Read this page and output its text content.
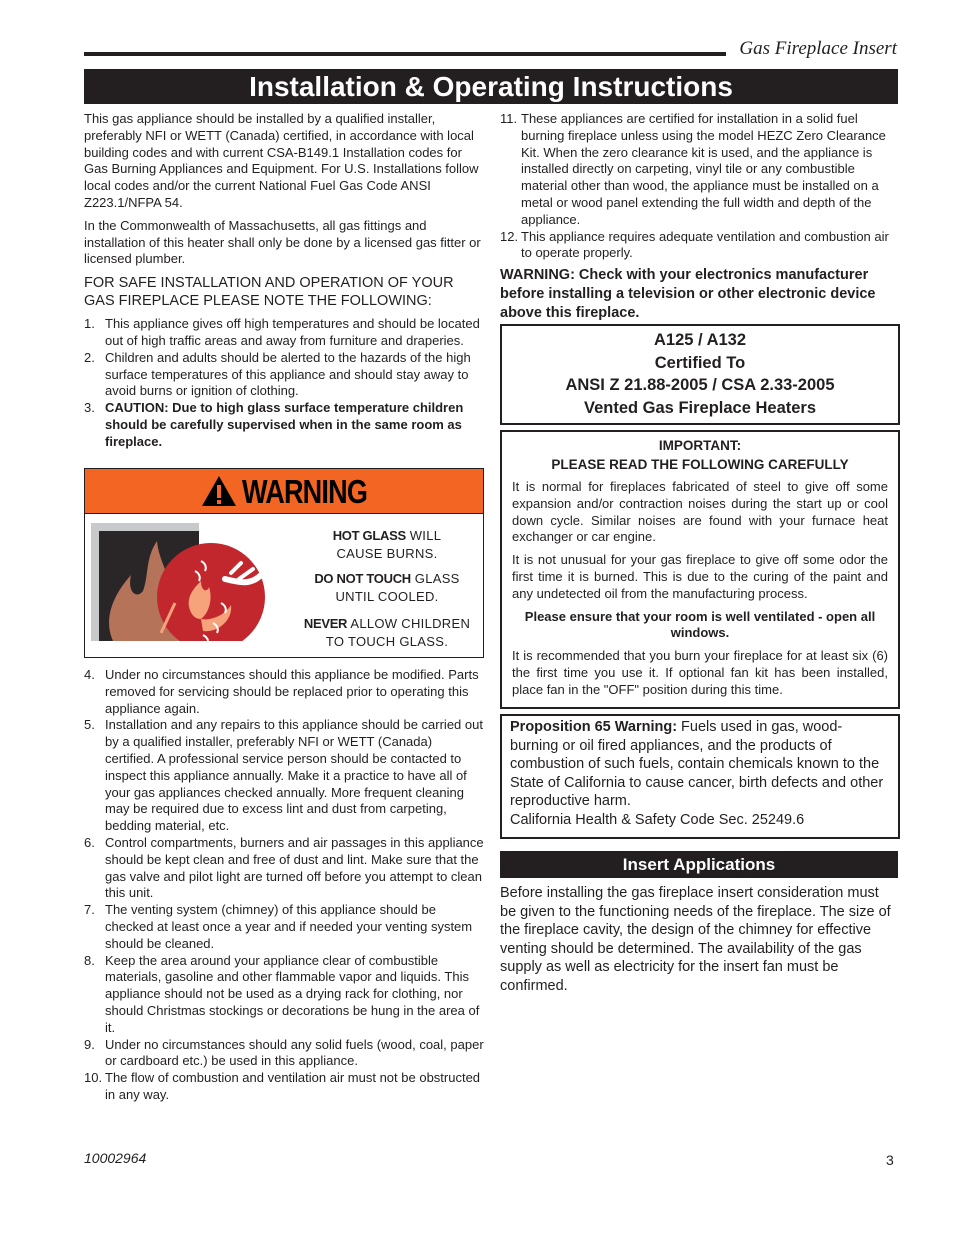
Gas Fireplace Insert
Installation & Operating Instructions

This gas appliance should be installed by a qualified installer, preferably NFI or WETT (Canada) certified, in accordance with local building codes and with current CSA-B149.1 Installation codes for Gas Burning Appliances and Equipment. For U.S. Installations follow local codes and/or the current National Fuel Gas Code ANSI Z223.1/NFPA 54.

In the Commonwealth of Massachusetts, all gas fittings and installation of this heater shall only be done by a licensed gas fitter or licensed plumber.

FOR SAFE INSTALLATION AND OPERATION OF YOUR GAS FIREPLACE PLEASE NOTE THE FOLLOWING:

1. This appliance gives off high temperatures and should be located out of high traffic areas and away from furniture and draperies.
2. Children and adults should be alerted to the hazards of the high surface temperatures of this appliance and should stay away to avoid burns or ignition of clothing.
3. CAUTION: Due to high glass surface temperature children should be carefully supervised when in the same room as fireplace.
WARNING
HOT GLASS WILL
CAUSE BURNS.
DO NOT TOUCH GLASS
UNTIL COOLED.
NEVER ALLOW CHILDREN
TO TOUCH GLASS.
4. Under no circumstances should this appliance be modified. Parts removed for servicing should be replaced prior to operating this appliance again.
5. Installation and any repairs to this appliance should be carried out by a qualified installer, preferably NFI or WETT (Canada) certified. A professional service person should be contacted to inspect this appliance annually. Make it a practice to have all of your gas appliances checked annually. More frequent cleaning may be required due to excess lint and dust from carpeting, bedding material, etc.
6. Control compartments, burners and air passages in this appliance should be kept clean and free of dust and lint. Make sure that the gas valve and pilot light are turned off before you attempt to clean this unit.
7. The venting system (chimney) of this appliance should be checked at least once a year and if needed your venting system should be cleaned.
8. Keep the area around your appliance clear of combustible materials, gasoline and other flammable vapor and liquids. This appliance should not be used as a drying rack for clothing, nor should Christmas stockings or decorations be hung in the area of it.
9. Under no circumstances should any solid fuels (wood, coal, paper or cardboard etc.) be used in this appliance.
10. The flow of combustion and ventilation air must not be obstructed in any way.
11. These appliances are certified for installation in a solid fuel burning fireplace unless using the model HEZC Zero Clearance Kit. When the zero clearance kit is used, and the appliance is installed directly on carpeting, vinyl tile or any combustible material other than wood, the appliance must be installed on a metal or wood panel extending the full width and depth of the appliance.
12. This appliance requires adequate ventilation and combustion air to operate properly.

WARNING: Check with your electronics manufacturer before installing a television or other electronic device above this fireplace.

A125 / A132
Certified To
ANSI Z 21.88-2005 / CSA 2.33-2005
Vented Gas Fireplace Heaters
IMPORTANT:
PLEASE READ THE FOLLOWING CAREFULLY

It is normal for fireplaces fabricated of steel to give off some expansion and/or contraction noises during the start up or cool down cycle. Similar noises are found with your furnace heat exchanger or car engine.

It is not unusual for your gas fireplace to give off some odor the first time it is burned. This is due to the curing of the paint and any undetected oil from the manufacturing process.

Please ensure that your room is well ventilated - open all windows.

It is recommended that you burn your fireplace for at least six (6) the first time you use it. If optional fan kit has been installed, place fan in the "OFF" position during this time.

Proposition 65 Warning: Fuels used in gas, wood-burning or oil fired appliances, and the products of combustion of such fuels, contain chemicals known to the State of California to cause cancer, birth defects and other reproductive harm.
California Health & Safety Code Sec. 25249.6
Insert Applications
Before installing the gas fireplace insert consideration must be given to the functioning needs of the fireplace. The size of the fireplace cavity, the design of the chimney for effective venting should be determined. The availability of the gas supply as well as electricity for the insert fan must be confirmed.
10002964	3
